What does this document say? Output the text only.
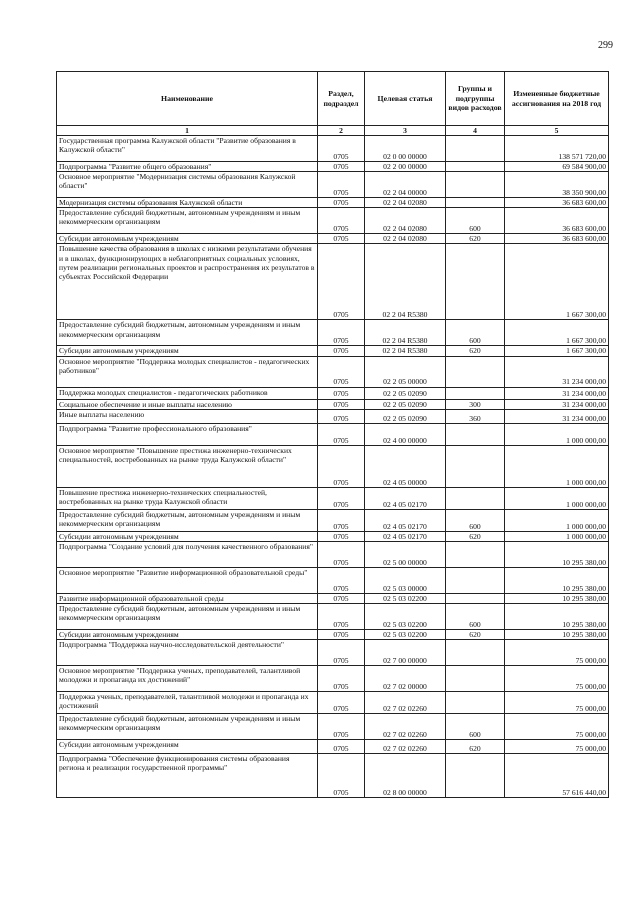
299
Наименование	Раздел, подраздел	Целевая статья	Группы и подгруппы видов расходов	Измененные бюджетные ассигнования на 2018 год
1	2	3	4	5
Государственная программа Калужской области "Развитие образования в Калужской области"	0705	02 0 00 00000		138 571 720,00
Подпрограмма "Развитие общего образования"	0705	02 2 00 00000		69 584 900,00
Основное мероприятие "Модернизация системы образования Калужской области"	0705	02 2 04 00000		38 350 900,00
Модернизация системы образования Калужской области	0705	02 2 04 02080		36 683 600,00
Предоставление субсидий бюджетным, автономным учреждениям и иным некоммерческим организациям	0705	02 2 04 02080	600	36 683 600,00
Субсидии автономным учреждениям	0705	02 2 04 02080	620	36 683 600,00
Повышение качества образования в школах с низкими результатами обучения и в школах, функционирующих в неблагоприятных социальных условиях, путем реализации региональных проектов и распространения их результатов в субъектах Российской Федерации	0705	02 2 04 R5380		1 667 300,00
Предоставление субсидий бюджетным, автономным учреждениям и иным некоммерческим организациям	0705	02 2 04 R5380	600	1 667 300,00
Субсидии автономным учреждениям	0705	02 2 04 R5380	620	1 667 300,00
Основное мероприятие "Поддержка молодых специалистов - педагогических работников"	0705	02 2 05 00000		31 234 000,00
Поддержка молодых специалистов - педагогических работников	0705	02 2 05 02090		31 234 000,00
Социальное обеспечение и иные выплаты населению	0705	02 2 05 02090	300	31 234 000,00
Иные выплаты населению	0705	02 2 05 02090	360	31 234 000,00
Подпрограмма "Развитие профессионального образования"	0705	02 4 00 00000		1 000 000,00
Основное мероприятие "Повышение престижа инженерно-технических специальностей, востребованных на рынке труда Калужской области"	0705	02 4 05 00000		1 000 000,00
Повышение престижа инженерно-технических специальностей, востребованных на рынке труда Калужской области	0705	02 4 05 02170		1 000 000,00
Предоставление субсидий бюджетным, автономным учреждениям и иным некоммерческим организациям	0705	02 4 05 02170	600	1 000 000,00
Субсидии автономным учреждениям	0705	02 4 05 02170	620	1 000 000,00
Подпрограмма "Создание условий для получения качественного образования"	0705	02 5 00 00000		10 295 380,00
Основное мероприятие "Развитие информационной образовательной среды"	0705	02 5 03 00000		10 295 380,00
Развитие информационной образовательной среды	0705	02 5 03 02200		10 295 380,00
Предоставление субсидий бюджетным, автономным учреждениям и иным некоммерческим организациям	0705	02 5 03 02200	600	10 295 380,00
Субсидии автономным учреждениям	0705	02 5 03 02200	620	10 295 380,00
Подпрограмма "Поддержка научно-исследовательской деятельности"	0705	02 7 00 00000		75 000,00
Основное мероприятие "Поддержка ученых, преподавателей, талантливой молодежи и пропаганда их достижений"	0705	02 7 02 00000		75 000,00
Поддержка ученых, преподавателей, талантливой молодежи и пропаганда их достижений	0705	02 7 02 02260		75 000,00
Предоставление субсидий бюджетным, автономным учреждениям и иным некоммерческим организациям	0705	02 7 02 02260	600	75 000,00
Субсидии автономным учреждениям	0705	02 7 02 02260	620	75 000,00
Подпрограмма "Обеспечение функционирования системы образования региона и реализации государственной программы"	0705	02 8 00 00000		57 616 440,00
